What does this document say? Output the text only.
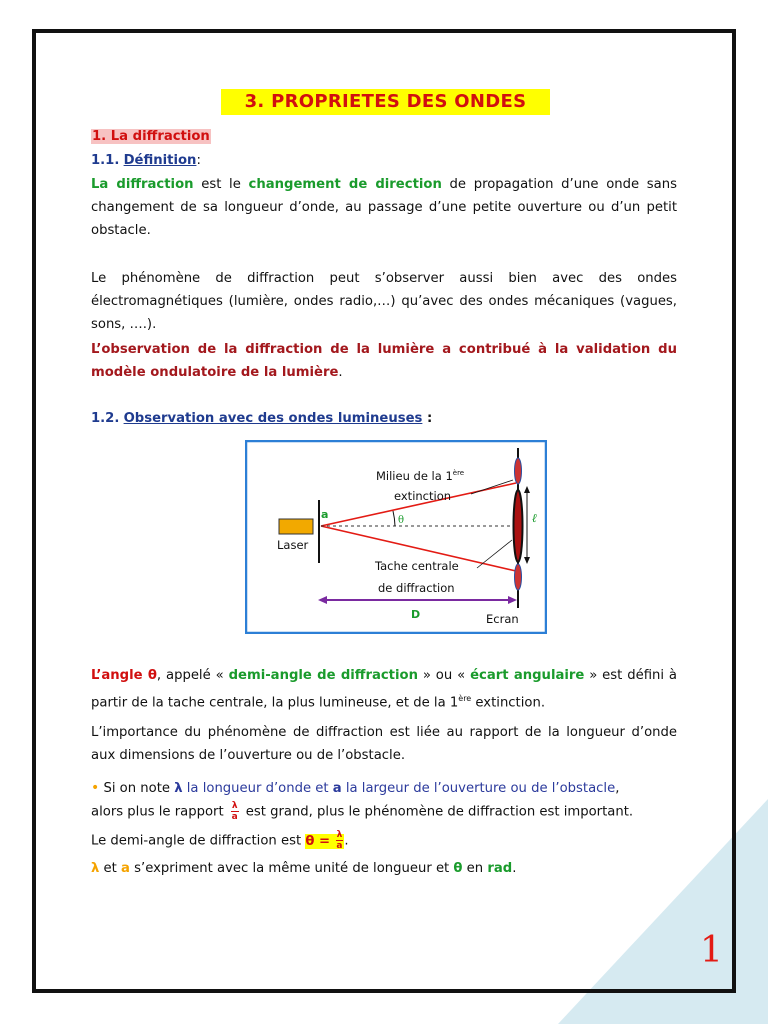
3. PROPRIETES DES ONDES
1. La diffraction
1.1. Définition:
La diffraction est le changement de direction de propagation d’une onde sans changement de sa longueur d’onde, au passage d’une petite ouverture ou d’un petit obstacle.
Le phénomène de diffraction peut s’observer aussi bien avec des ondes électromagnétiques (lumière, ondes radio,…) qu’avec des ondes mécaniques (vagues, sons, ….).
L’observation de la diffraction de la lumière a contribué à la validation du modèle ondulatoire de la lumière.
1.2. Observation avec des ondes lumineuses :
Milieu de la 1ère
extinction
a	θ	ℓ
Laser
Tache centrale
de diffraction
D	Ecran
L’angle θ, appelé « demi-angle de diffraction » ou « écart angulaire » est défini à partir de la tache centrale, la plus lumineuse, et de la 1ère extinction.
L’importance du phénomène de diffraction est liée au rapport de la longueur d’onde aux dimensions de l’ouverture ou de l’obstacle.
• Si on note λ la longueur d’onde et a la largeur de l’ouverture ou de l’obstacle,
alors plus le rapport $\frac{\lambda}{a}$ est grand, plus le phénomène de diffraction est important.
Le demi-angle de diffraction est $\theta = \frac{\lambda}{a}$ .
λ et a s’expriment avec la même unité de longueur et θ en rad.
1
